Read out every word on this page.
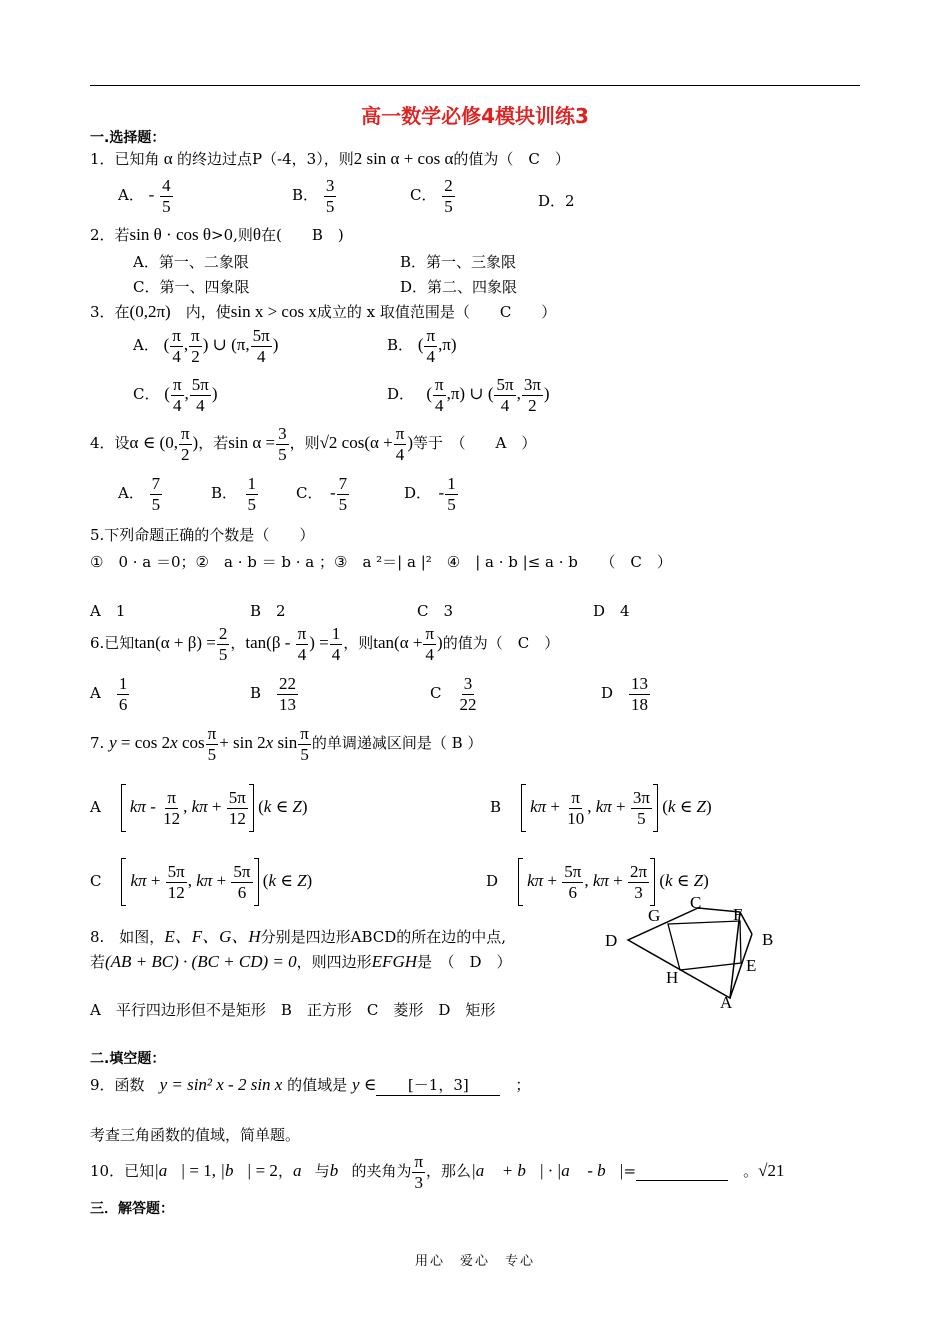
高一数学必修4模块训练3
一.选择题：
1．已知角 α 的终边过点P（-4，3），则2 sin α + cos α的值为（　C　）
A． - $\frac{4}{5}$	B． $\frac{3}{5}$	C． $\frac{2}{5}$	D．2
2．若sin θ · cos θ>0,则θ在(　　B　)
A．第一、二象限	B．第一、三象限
C．第一、四象限	D．第二、四象限
3．在(0,2π)　 内，使sin x > cos x成立的 x 取值范围是（　　C　　）
A． ( $\frac{\pi}{4}$ , $\frac{\pi}{2}$ ) ∪ (π, $\frac{5\pi}{4}$ )	B． ( $\frac{\pi}{4} ,\pi$)
C． ( $\frac{\pi}{4}$ , $\frac{5\pi}{4}$ )	D．　 ( $\frac{\pi}{4} ,\pi$) ∪ ( $\frac{5\pi}{4}$ , $\frac{3\pi}{2}$ )
4．设α ∈ (0, $\frac{\pi}{2}$ )，若$\sin \alpha = \frac{3}{5}$ ，则√2 $\cos(\alpha + \frac{\pi}{4}$ )等于　（　　A　）
A． $\frac{7}{5}$	B．　 $\frac{1}{5}$	C．　 - $\frac{7}{5}$	D．　 - $\frac{1}{5}$
5.下列命题正确的个数是（　　）
①　0 · a ＝0；②　a · b ＝ b · a ；③　a ²＝| a |²　④　| a · b |≤ a · b　　 （　C　）
A　1	B　2	C　3	D　4
6.已知$\tan(\alpha + \beta) = \frac{2}{5}$ ，$\tan(\beta - \frac{\pi}{4}$ ) = $\frac{1}{4}$ ，则$\tan(\alpha + \frac{\pi}{4}$ )的值为（　C　）
A　 $\frac{1}{6}$	B　 $\frac{22}{13}$	C　 $\frac{3}{22}$	D　 $\frac{13}{18}$
7. y = cos 2x $\cos \frac{\pi}{5} + \sin 2x$ $\sin \frac{\pi}{5}$ 的单调递减区间是（ B ）
A　 kπ - $\frac{\pi}{12}$ , $k\pi + \frac{5\pi}{12} (k$ ∈ Z)	B　 $k\pi + \frac{\pi}{10}$ , $k\pi + \frac{3\pi}{5} (k$ ∈ Z)
C　 $k\pi + \frac{5\pi}{12}$ , $k\pi + \frac{5\pi}{6} (k$ ∈ Z)	D　 $k\pi + \frac{5\pi}{6}$ , $k\pi + \frac{2\pi}{3} (k$ ∈ Z)
8.　如图，E、F、G、H分别是四边形ABCD的所在边的中点,
若(AB + BC) · (BC + CD) = 0，则四边形EFGH是　（　D　）
A　平行四边形但不是矩形　B　正方形　C　菱形　D　矩形
C
G	F
D	B
E
H
A
二.填空题：
9．函数　 y = sin² x - 2 sin x 的值域是 y ∈ [－1，3]　	；
考查三角函数的值域，简单题。
10．已知|a⃗| = 1, |b⃗| = 2，a⃗与b⃗的夹角为 $\frac{\pi}{3}$ ，那么|a⃗ + b⃗| · |a⃗ - b⃗|=	　。√21
三．解答题：
用心　爱心　专心
